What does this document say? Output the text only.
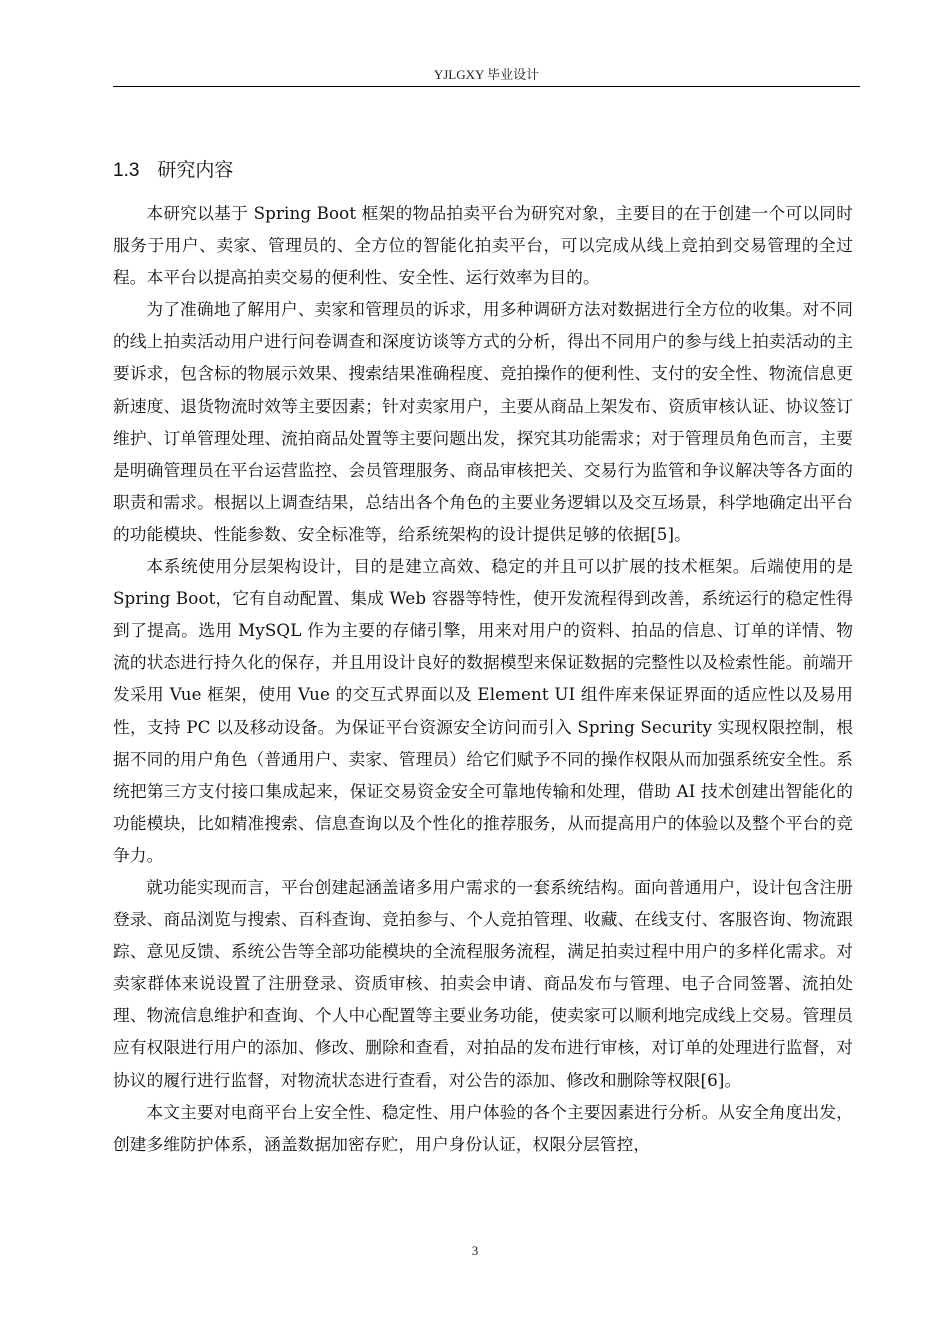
YJLGXY 毕业设计
1.3 研究内容

本研究以基于 Spring Boot 框架的物品拍卖平台为研究对象，主要目的在于创建一个可以同时服务于用户、卖家、管理员的、全方位的智能化拍卖平台，可以完成从线上竞拍到交易管理的全过程。本平台以提高拍卖交易的便利性、安全性、运行效率为目的。

为了准确地了解用户、卖家和管理员的诉求，用多种调研方法对数据进行全方位的收集。对不同的线上拍卖活动用户进行问卷调查和深度访谈等方式的分析，得出不同用户的参与线上拍卖活动的主要诉求，包含标的物展示效果、搜索结果准确程度、竞拍操作的便利性、支付的安全性、物流信息更新速度、退货物流时效等主要因素；针对卖家用户，主要从商品上架发布、资质审核认证、协议签订维护、订单管理处理、流拍商品处置等主要问题出发，探究其功能需求；对于管理员角色而言，主要是明确管理员在平台运营监控、会员管理服务、商品审核把关、交易行为监管和争议解决等各方面的职责和需求。根据以上调查结果，总结出各个角色的主要业务逻辑以及交互场景，科学地确定出平台的功能模块、性能参数、安全标准等，给系统架构的设计提供足够的依据[5]。

本系统使用分层架构设计，目的是建立高效、稳定的并且可以扩展的技术框架。后端使用的是 Spring Boot，它有自动配置、集成 Web 容器等特性，使开发流程得到改善，系统运行的稳定性得到了提高。选用 MySQL 作为主要的存储引擎，用来对用户的资料、拍品的信息、订单的详情、物流的状态进行持久化的保存，并且用设计良好的数据模型来保证数据的完整性以及检索性能。前端开发采用 Vue 框架，使用 Vue 的交互式界面以及 Element UI 组件库来保证界面的适应性以及易用性，支持 PC 以及移动设备。为保证平台资源安全访问而引入 Spring Security 实现权限控制，根据不同的用户角色（普通用户、卖家、管理员）给它们赋予不同的操作权限从而加强系统安全性。系统把第三方支付接口集成起来，保证交易资金安全可靠地传输和处理，借助 AI 技术创建出智能化的功能模块，比如精准搜索、信息查询以及个性化的推荐服务，从而提高用户的体验以及整个平台的竞争力。

就功能实现而言，平台创建起涵盖诸多用户需求的一套系统结构。面向普通用户，设计包含注册登录、商品浏览与搜索、百科查询、竞拍参与、个人竞拍管理、收藏、在线支付、客服咨询、物流跟踪、意见反馈、系统公告等全部功能模块的全流程服务流程，满足拍卖过程中用户的多样化需求。对卖家群体来说设置了注册登录、资质审核、拍卖会申请、商品发布与管理、电子合同签署、流拍处理、物流信息维护和查询、个人中心配置等主要业务功能，使卖家可以顺利地完成线上交易。管理员应有权限进行用户的添加、修改、删除和查看，对拍品的发布进行审核，对订单的处理进行监督，对协议的履行进行监督，对物流状态进行查看，对公告的添加、修改和删除等权限[6]。

本文主要对电商平台上安全性、稳定性、用户体验的各个主要因素进行分析。从安全角度出发，创建多维防护体系，涵盖数据加密存贮，用户身份认证，权限分层管控，

3
